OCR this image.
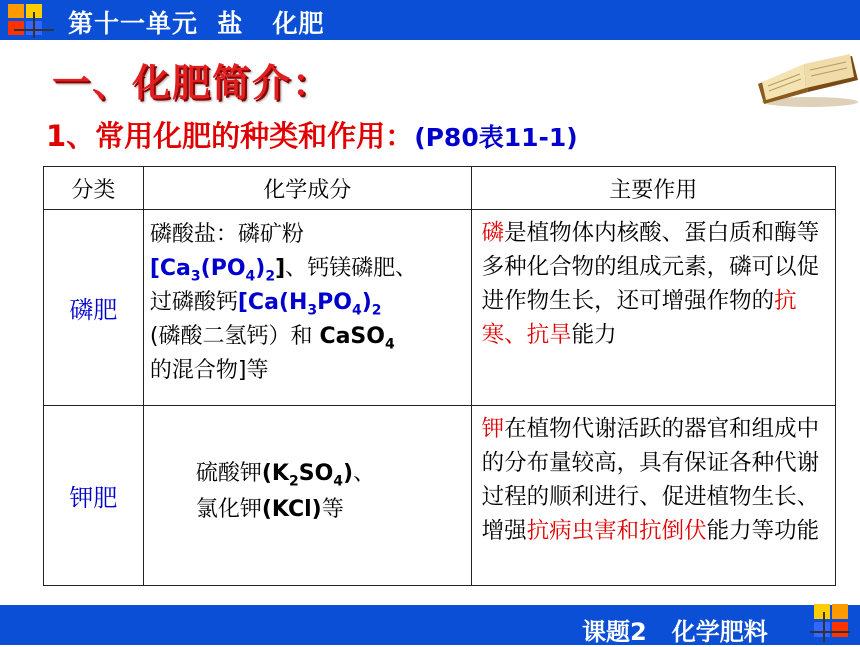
第十一单元  盐   化肥
一、化肥简介：
1、常用化肥的种类和作用：(P80表11-1)
分类	化学成分	主要作用
磷肥	磷酸盐：磷矿粉
$[Ca_3(PO_4)_2]$、钙镁磷肥、
过磷酸钙[$Ca(H_3PO_4)_2$
(磷酸二氢钙）和 CaSO$_4$
的混合物]等	磷是植物体内核酸、蛋白质和酶等多种化合物的组成元素，磷可以促进作物生长，还可增强作物的抗寒、抗旱能力
钾肥	硫酸钾$(K_2SO_4)$、
氯化钾(KCl)等	钾在植物代谢活跃的器官和组成中的分布量较高，具有保证各种代谢过程的顺利进行、促进植物生长、增强抗病虫害和抗倒伏能力等功能
课题2   化学肥料
